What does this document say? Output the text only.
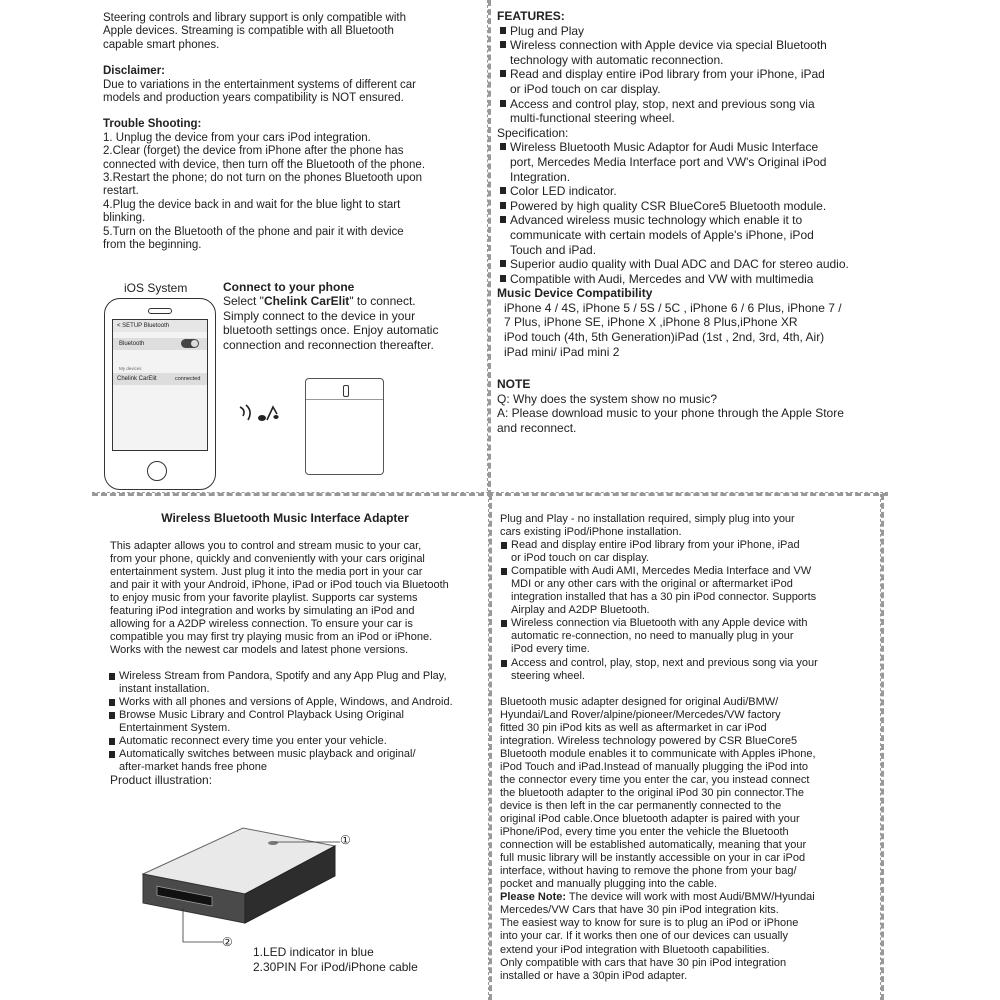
Steering controls and library support is only compatible with
Apple devices. Streaming is compatible with all Bluetooth
capable smart phones.

Disclaimer:

Due to variations in the entertainment systems of different car
models and production years compatibility is NOT ensured.

Trouble Shooting:

1. Unplug the device from your cars iPod integration.
2.Clear (forget) the device from iPhone after the phone has
connected with device, then turn off the Bluetooth of the phone.
3.Restart the phone; do not turn on the phones Bluetooth upon
restart.
4.Plug the device back in and wait for the blue light to start
blinking.
5.Turn on the Bluetooth of the phone and pair it with device
from the beginning.
iOS System
< SETUP Bluetooth
Bluetooth
My devices
Chelink CarElit	connected

Connect to your phone

Select "Chelink CarElit" to connect.

Simply connect to the device in your
bluetooth settings once. Enjoy automatic
connection and reconnection thereafter.

FEATURES:

Plug and Play
Wireless connection with Apple device via special Bluetooth
technology with automatic reconnection.
Read and display entire iPod library from your iPhone, iPad
or iPod touch on car display.
Access and control play, stop, next and previous song via
multi-functional steering wheel.

Specification:

Wireless Bluetooth Music Adaptor for Audi Music Interface
port, Mercedes Media Interface port and VW's Original iPod
Integration.
Color LED indicator.
Powered by high quality CSR BlueCore5 Bluetooth module.
Advanced wireless music technology which enable it to
communicate with certain models of Apple's iPhone, iPod
Touch and iPad.
Superior audio quality with Dual ADC and DAC for stereo audio.
Compatible with Audi, Mercedes and VW with multimedia

Music Device Compatibility

iPhone 4 / 4S, iPhone 5 / 5S / 5C , iPhone 6 / 6 Plus, iPhone 7 /
7 Plus, iPhone SE, iPhone X ,iPhone 8 Plus,iPhone XR
iPod touch (4th, 5th Generation)iPad (1st , 2nd, 3rd, 4th, Air)
iPad mini/ iPad mini 2

NOTE

Q: Why does the system show no music?

A: Please download music to your phone through the Apple Store
and reconnect.

Wireless Bluetooth Music Interface Adapter

This adapter allows you to control and stream music to your car,
from your phone, quickly and conveniently with your cars original
entertainment system. Just plug it into the media port in your car
and pair it with your Android, iPhone, iPad or iPod touch via Bluetooth
to enjoy music from your favorite playlist. Supports car systems
featuring iPod integration and works by simulating an iPod and
allowing for a A2DP wireless connection. To ensure your car is
compatible you may first try playing music from an iPod or iPhone.
Works with the newest car models and latest phone versions.

Wireless Stream from Pandora, Spotify and any App Plug and Play,
instant installation.
Works with all phones and versions of Apple, Windows, and Android.
Browse Music Library and Control Playback Using Original
Entertainment System.
Automatic reconnect every time you enter your vehicle.
Automatically switches between music playback and original/
after-market hands free phone

Product illustration:

①
②
1.LED indicator in blue
2.30PIN For iPod/iPhone cable

Plug and Play - no installation required, simply plug into your
cars existing iPod/iPhone installation.

Read and display entire iPod library from your iPhone, iPad
or iPod touch on car display.
Compatible with Audi AMI, Mercedes Media Interface and VW
MDI or any other cars with the original or aftermarket iPod
integration installed that has a 30 pin iPod connector. Supports
Airplay and A2DP Bluetooth.
Wireless connection via Bluetooth with any Apple device with
automatic re-connection, no need to manually plug in your
iPod every time.
Access and control, play, stop, next and previous song via your
steering wheel.

Bluetooth music adapter designed for original Audi/BMW/
Hyundai/Land Rover/alpine/pioneer/Mercedes/VW factory
fitted 30 pin iPod kits as well as aftermarket in car iPod
integration. Wireless technology powered by CSR BlueCore5
Bluetooth module enables it to communicate with Apples iPhone,
iPod Touch and iPad.Instead of manually plugging the iPod into
the connector every time you enter the car, you instead connect
the bluetooth adapter to the original iPod 30 pin connector.The
device is then left in the car permanently connected to the
original iPod cable.Once bluetooth adapter is paired with your
iPhone/iPod, every time you enter the vehicle the Bluetooth
connection will be established automatically, meaning that your
full music library will be instantly accessible on your in car iPod
interface, without having to remove the phone from your bag/
pocket and manually plugging into the cable.

Please Note: The device will work with most Audi/BMW/Hyundai

Mercedes/VW Cars that have 30 pin iPod integration kits.
The easiest way to know for sure is to plug an iPod or iPhone
into your car. If it works then one of our devices can usually
extend your iPod integration with Bluetooth capabilities.
Only compatible with cars that have 30 pin iPod integration
installed or have a 30pin iPod adapter.
